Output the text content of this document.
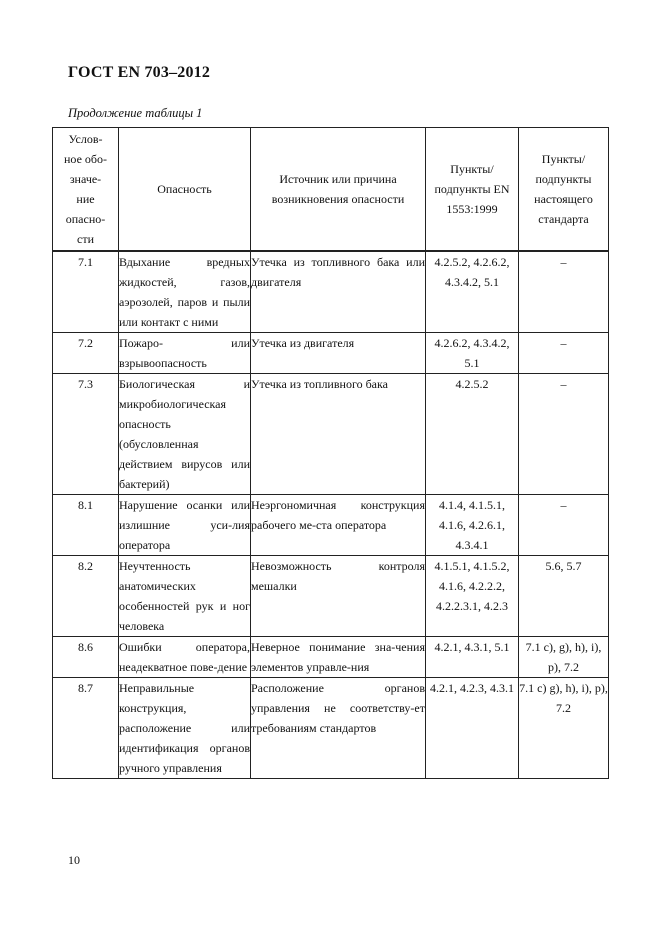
ГОСТ EN 703–2012
Продолжение таблицы 1
Услов-ное обо-значе-ние опасно-сти	Опасность	Источник или причина возникновения опасности	Пункты/ подпункты EN 1553:1999	Пункты/ подпункты настоящего стандарта
7.1	Вдыхание вредных жидкостей, газов, аэрозолей, паров и пыли или контакт с ними	Утечка из топливного бака или двигателя	4.2.5.2, 4.2.6.2, 4.3.4.2, 5.1	–
7.2	Пожаро- или взрывоопасность	Утечка из двигателя	4.2.6.2, 4.3.4.2, 5.1	–
7.3	Биологическая и микробиологическая опасность (обусловленная действием вирусов или бактерий)	Утечка из топливного бака	4.2.5.2	–
8.1	Нарушение осанки или излишние уси-лия оператора	Неэргономичная конструкция рабочего ме-ста оператора	4.1.4, 4.1.5.1, 4.1.6, 4.2.6.1, 4.3.4.1	–
8.2	Неучтенность анатомических особенностей рук и ног человека	Невозможность контроля мешалки	4.1.5.1, 4.1.5.2, 4.1.6, 4.2.2.2, 4.2.2.3.1, 4.2.3	5.6, 5.7
8.6	Ошибки оператора, неадекватное пове-дение	Неверное понимание зна-чения элементов управле-ния	4.2.1, 4.3.1, 5.1	7.1 c), g), h), i), p), 7.2
8.7	Неправильные конструкция, расположение или идентификация органов ручного управления	Расположение органов управления не соответству-ет требованиям стандартов	4.2.1, 4.2.3, 4.3.1	7.1 c) g), h), i), p), 7.2
10
